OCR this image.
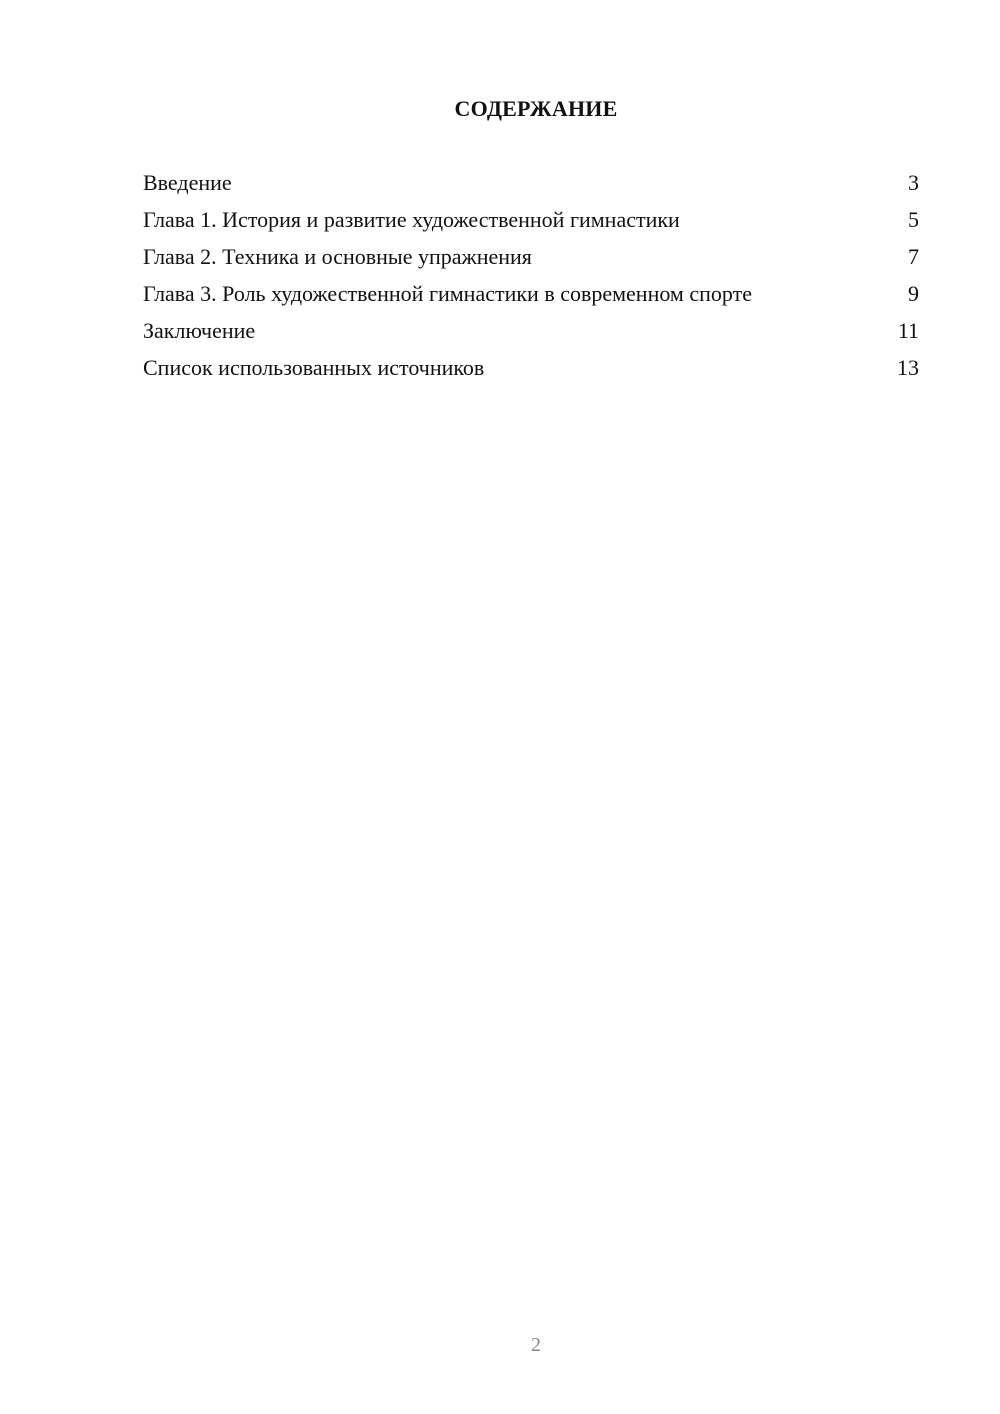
СОДЕРЖАНИЕ
Введение	3
Глава 1. История и развитие художественной гимнастики	5
Глава 2. Техника и основные упражнения	7
Глава 3. Роль художественной гимнастики в современном спорте	9
Заключение	11
Список использованных источников	13
2
